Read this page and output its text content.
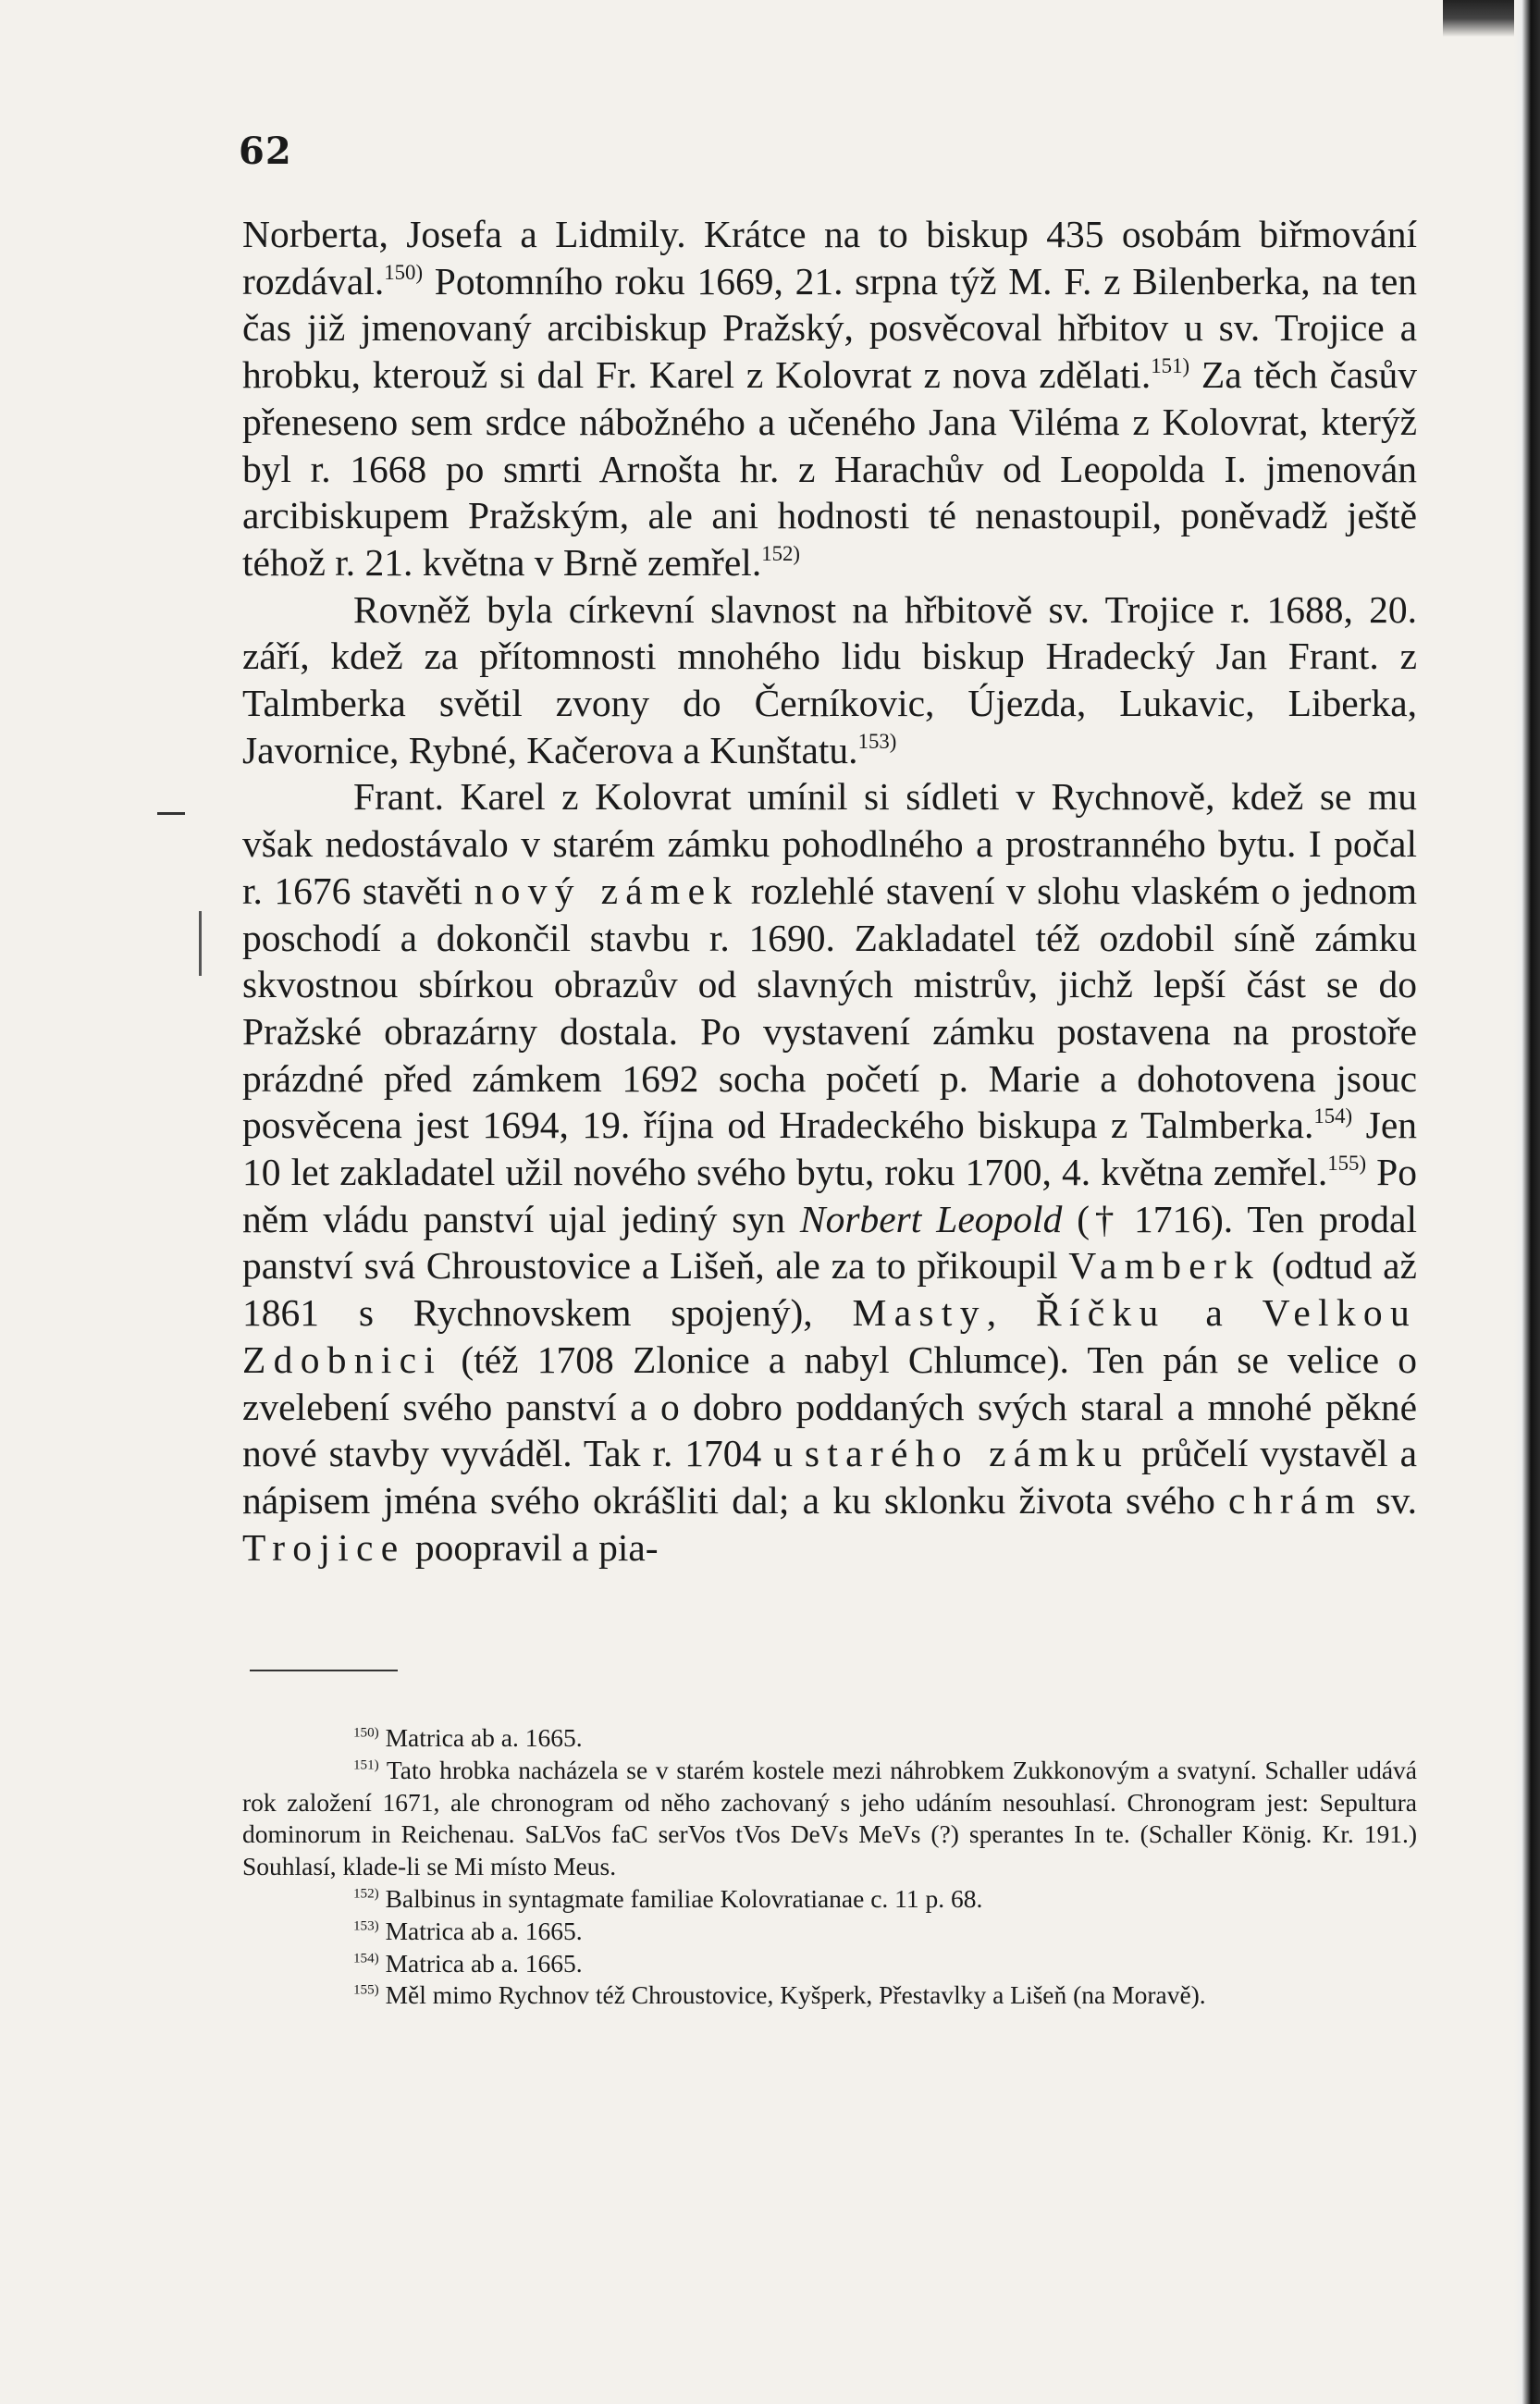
62

Norberta, Josefa a Lidmily. Krátce na to biskup 435 osobám biřmování rozdával.$^{150)}$ Potomního roku 1669, 21. srpna týž M. F. z Bilenberka, na ten čas již jmenovaný arcibiskup Pražský, posvěcoval hřbitov u sv. Trojice a hrobku, kterouž si dal Fr. Karel z Kolovrat z nova zdělati.$^{151)}$ Za těch časův přeneseno sem srdce nábožného a učeného Jana Viléma z Kolovrat, kterýž byl r. 1668 po smrti Arnošta hr. z Harachův od Leopolda I. jmenován arcibiskupem Pražským, ale ani hodnosti té nenastoupil, poněvadž ještě téhož r. 21. května v Brně zemřel.$^{152)}$

Rovněž byla církevní slavnost na hřbitově sv. Trojice r. 1688, 20. září, kdež za přítomnosti mnohého lidu biskup Hradecký Jan Frant. z Talmberka světil zvony do Černíkovic, Újezda, Lukavic, Liberka, Javornice, Rybné, Kačerova a Kunštatu.$^{153)}$

Frant. Karel z Kolovrat umínil si sídleti v Rychnově, kdež se mu však nedostávalo v starém zámku pohodlného a prostranného bytu. I počal r. 1676 stavěti nový zámek rozlehlé stavení v slohu vlaském o jednom poschodí a dokončil stavbu r. 1690. Zakladatel též ozdobil síně zámku skvostnou sbírkou obrazův od slavných mistrův, jichž lepší část se do Pražské obrazárny dostala. Po vystavení zámku postavena na prostoře prázdné před zámkem 1692 socha početí p. Marie a dohotovena jsouc posvěcena jest 1694, 19. října od Hradeckého biskupa z Talmberka.$^{154)}$ Jen 10 let zakladatel užil nového svého bytu, roku 1700, 4. května zemřel.$^{155)}$ Po něm vládu panství ujal jediný syn Norbert Leopold († 1716). Ten prodal panství svá Chroustovice a Lišeň, ale za to přikoupil Vamberk (odtud až 1861 s Rychnovskem spojený), Masty, Říčku a Velkou Zdobnici (též 1708 Zlonice a nabyl Chlumce). Ten pán se velice o zvelebení svého panství a o dobro poddaných svých staral a mnohé pěkné nové stavby vyváděl. Tak r. 1704 u starého zámku průčelí vystavěl a nápisem jména svého okrášliti dal; a ku sklonku života svého chrám sv. Trojice poopravil a pia-

$^{150)}$ Matrica ab a. 1665.

$^{151)}$ Tato hrobka nacházela se v starém kostele mezi náhrobkem Zukkonovým a svatyní. Schaller udává rok založení 1671, ale chronogram od něho zachovaný s jeho udáním nesouhlasí. Chronogram jest: Sepultura dominorum in Reichenau. SaLVos faC serVos tVos DeVs MeVs (?) sperantes In te. (Schaller König. Kr. 191.) Souhlasí, klade-li se Mi místo Meus.

$^{152)}$ Balbinus in syntagmate familiae Kolovratianae c. 11 p. 68.

$^{153)}$ Matrica ab a. 1665.

$^{154)}$ Matrica ab a. 1665.

$^{155)}$ Měl mimo Rychnov též Chroustovice, Kyšperk, Přestavlky a Lišeň (na Moravě).
